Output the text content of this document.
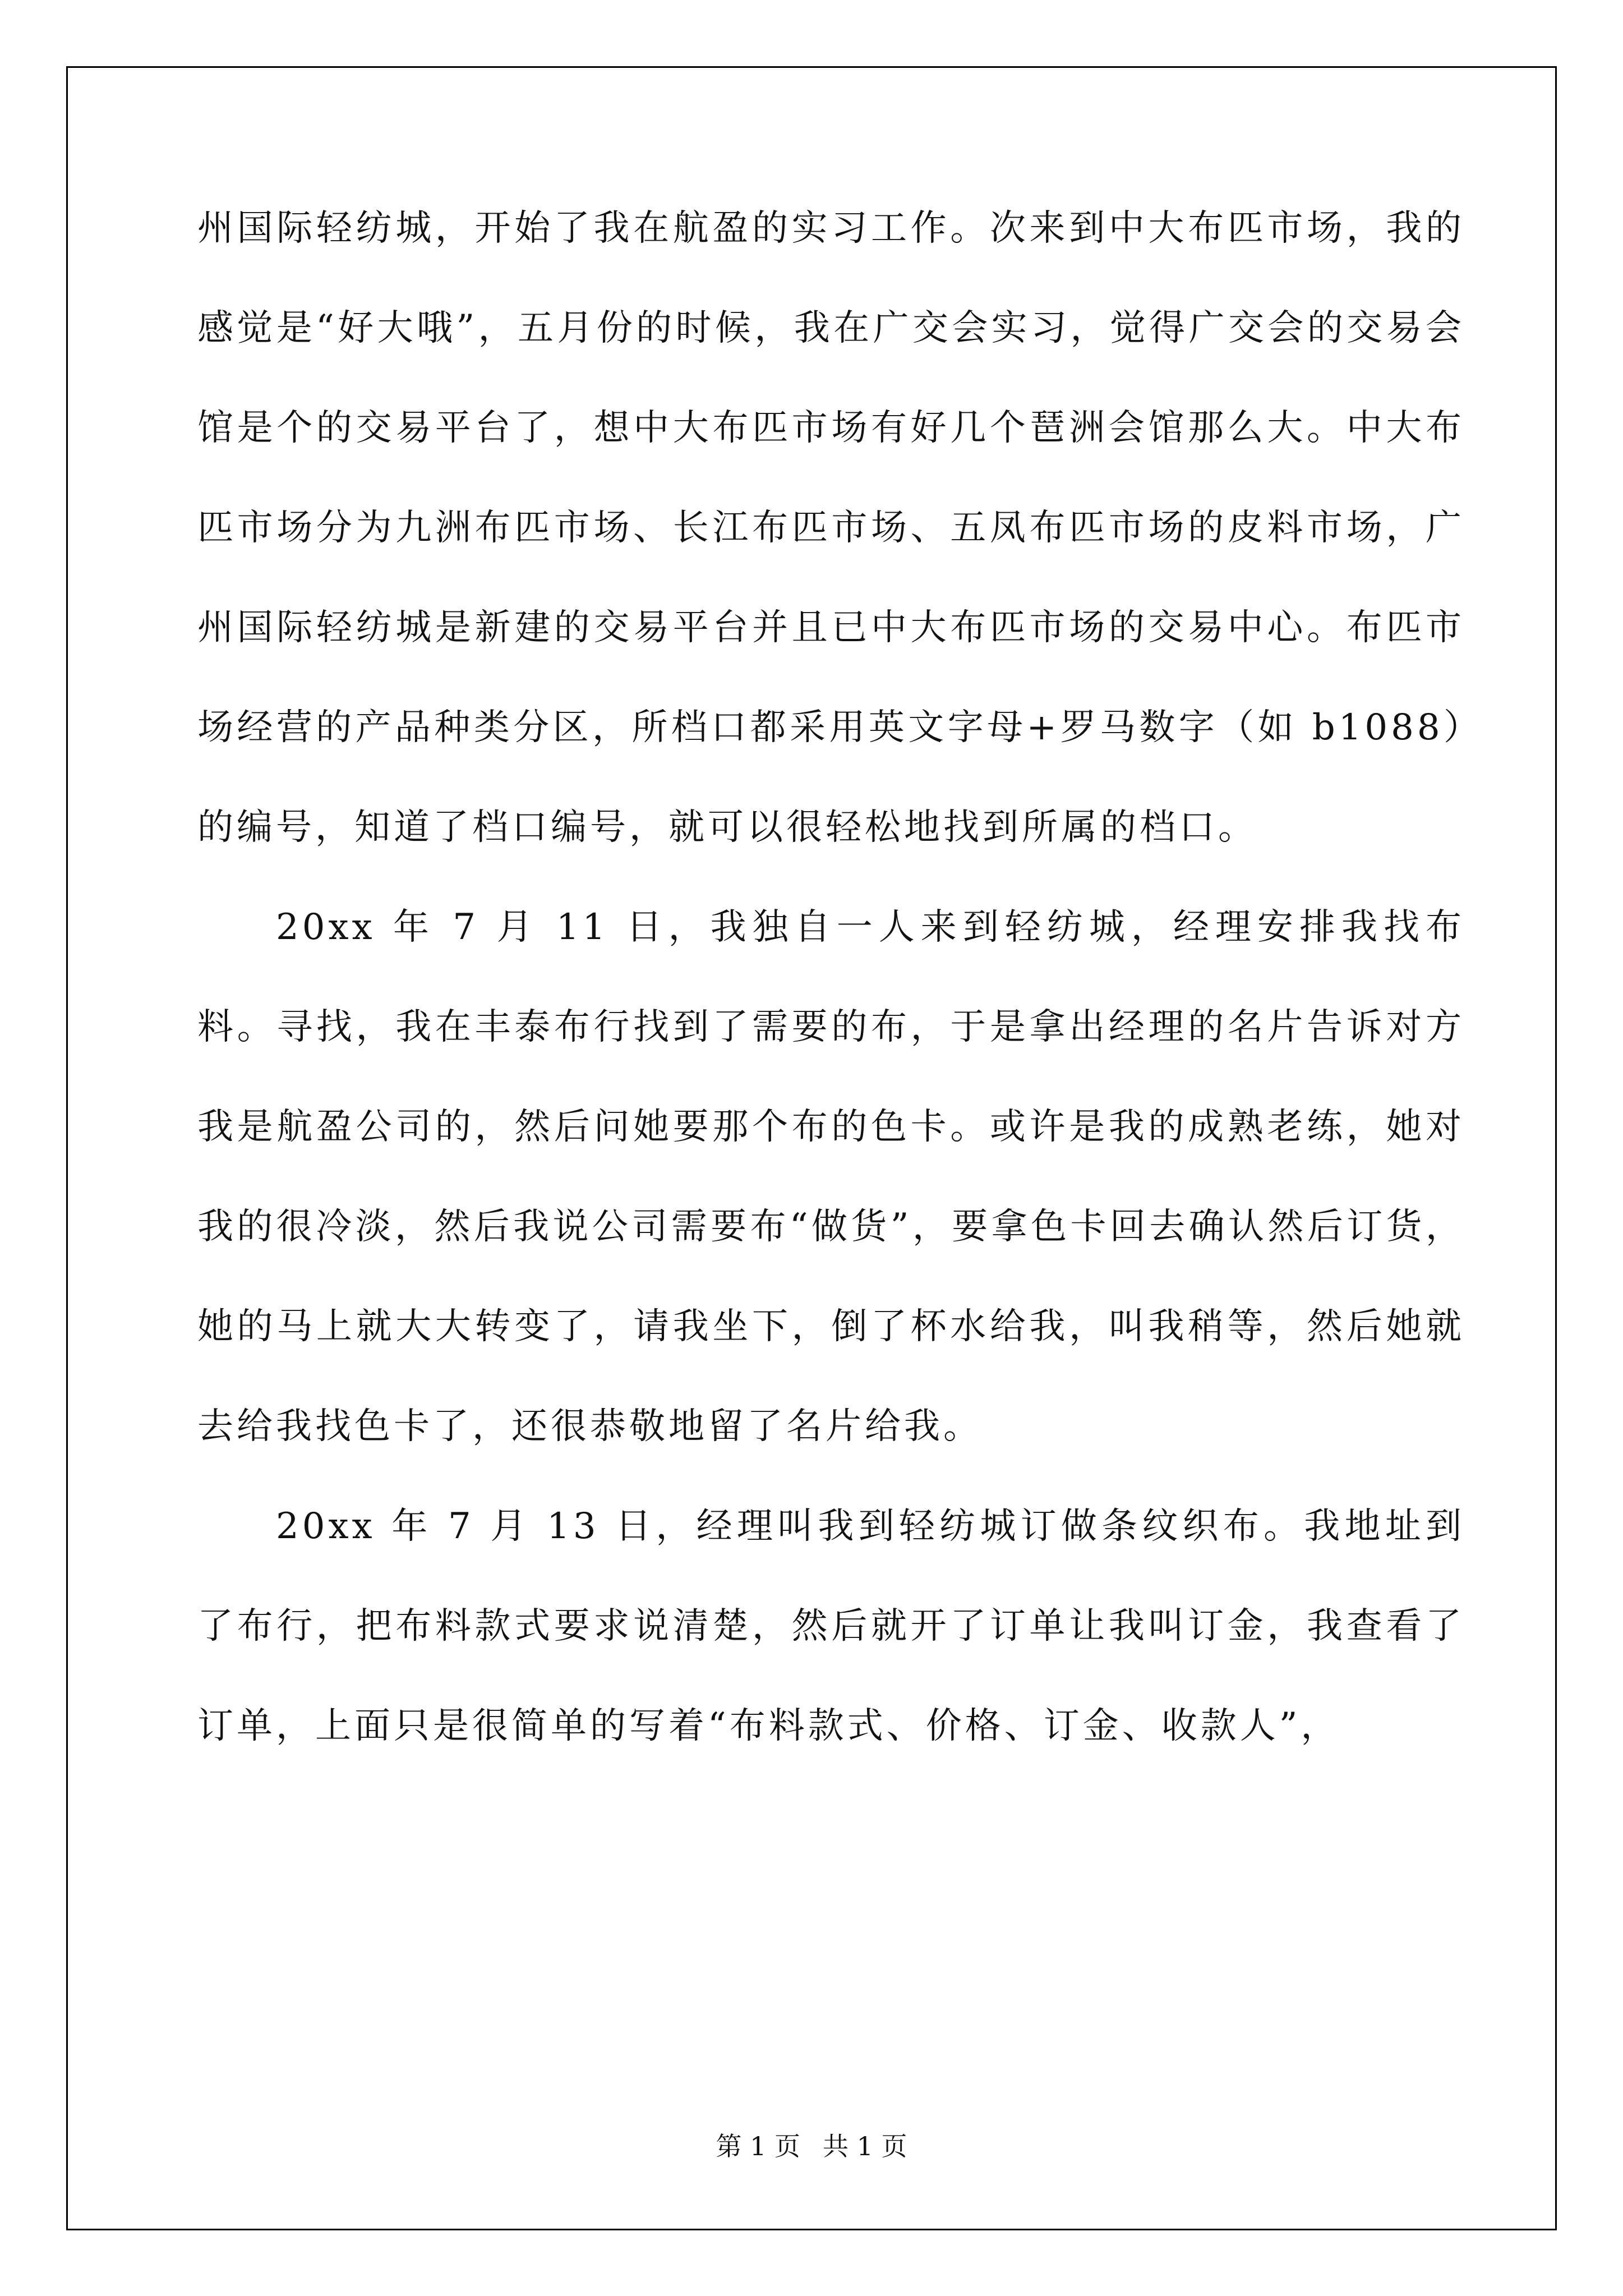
州国际轻纺城，开始了我在航盈的实习工作。次来到中大布匹市场，我的感觉是“好大哦”，五月份的时候，我在广交会实习，觉得广交会的交易会馆是个的交易平台了，想中大布匹市场有好几个琶洲会馆那么大。中大布匹市场分为九洲布匹市场、长江布匹市场、五凤布匹市场的皮料市场，广州国际轻纺城是新建的交易平台并且已中大布匹市场的交易中心。布匹市场经营的产品种类分区，所档口都采用英文字母+罗马数字（如 b1088）的编号，知道了档口编号，就可以很轻松地找到所属的档口。

20xx 年 7 月 11 日，我独自一人来到轻纺城，经理安排我找布料。寻找，我在丰泰布行找到了需要的布，于是拿出经理的名片告诉对方我是航盈公司的，然后问她要那个布的色卡。或许是我的成熟老练，她对我的很冷淡，然后我说公司需要布“做货”，要拿色卡回去确认然后订货，她的马上就大大转变了，请我坐下，倒了杯水给我，叫我稍等，然后她就去给我找色卡了，还很恭敬地留了名片给我。

20xx 年 7 月 13 日，经理叫我到轻纺城订做条纹织布。我地址到了布行，把布料款式要求说清楚，然后就开了订单让我叫订金，我查看了订单，上面只是很简单的写着“布料款式、价格、订金、收款人”，

第 1 页 共 1 页
